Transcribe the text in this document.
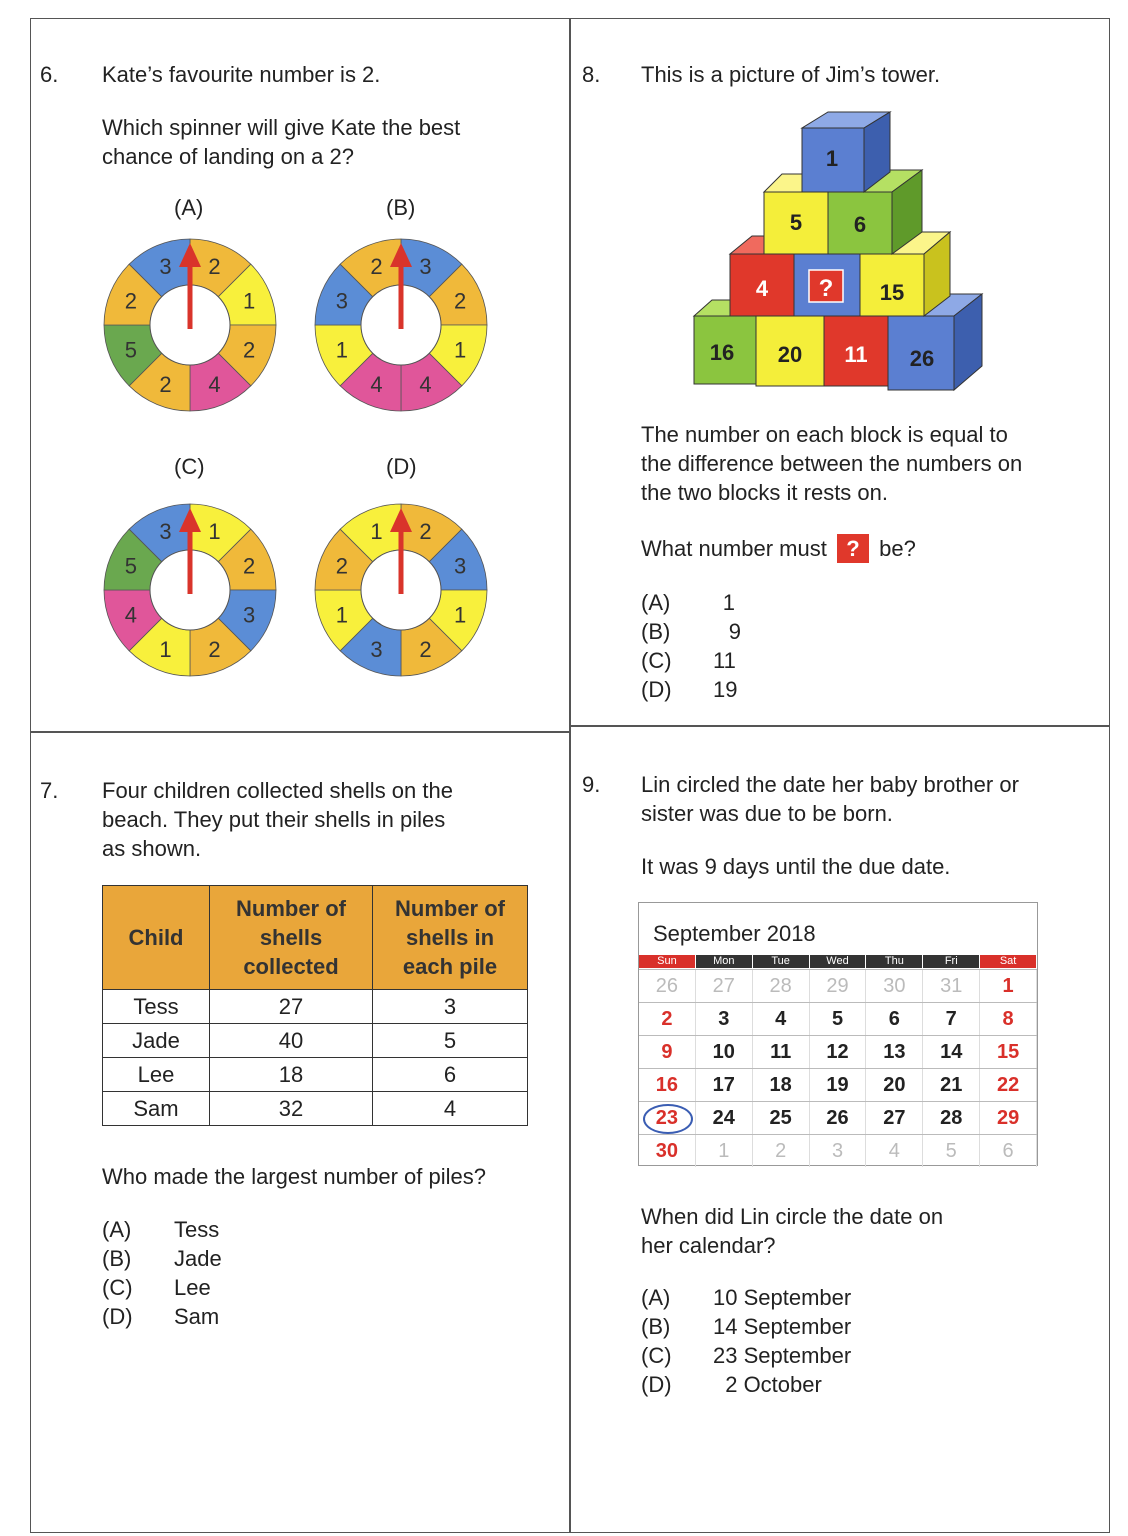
6. Kate’s favourite number is 2.
Which spinner will give Kate the best
chance of landing on a 2?
(A)	(B)
(C)	(D)
2
1
2
4
2
5
2
3	3
2
1
4
4
1
3
2
1
2
3
2
1
4
5
3	2
3
1
2
3
1
2
1
8. This is a picture of Jim’s tower.
16 20 11 26
4 ? 15
5 6
1
The number on each block is equal to
the difference between the numbers on
the two blocks it rests on.
What number must ? be?
(A) 1
(B)	9
(C) 11
(D) 19
7. Four children collected shells on the
beach. They put their shells in piles
as shown.
Child	Number of shells collected	Number of shells in each pile
Tess	27	3
Jade	40	5
Lee	18	6
Sam	32	4
Who made the largest number of piles?
(A) Tess
(B) Jade
(C) Lee
(D) Sam
9. Lin circled the date her baby brother or
sister was due to be born.
It was 9 days until the due date.
September 2018
Sun	Mon	Tue	Wed	Thu	Fri	Sat
26	27	28	29	30	31	1
2	3	4	5	6	7	8
9	10	11	12	13	14	15
16	17	18	19	20	21	22
23	24	25	26	27	28	29
30	1	2	3	4	5	6
When did Lin circle the date on
her calendar?
(A) 10 September
(B) 14 September
(C) 23 September
(D)  2 October
